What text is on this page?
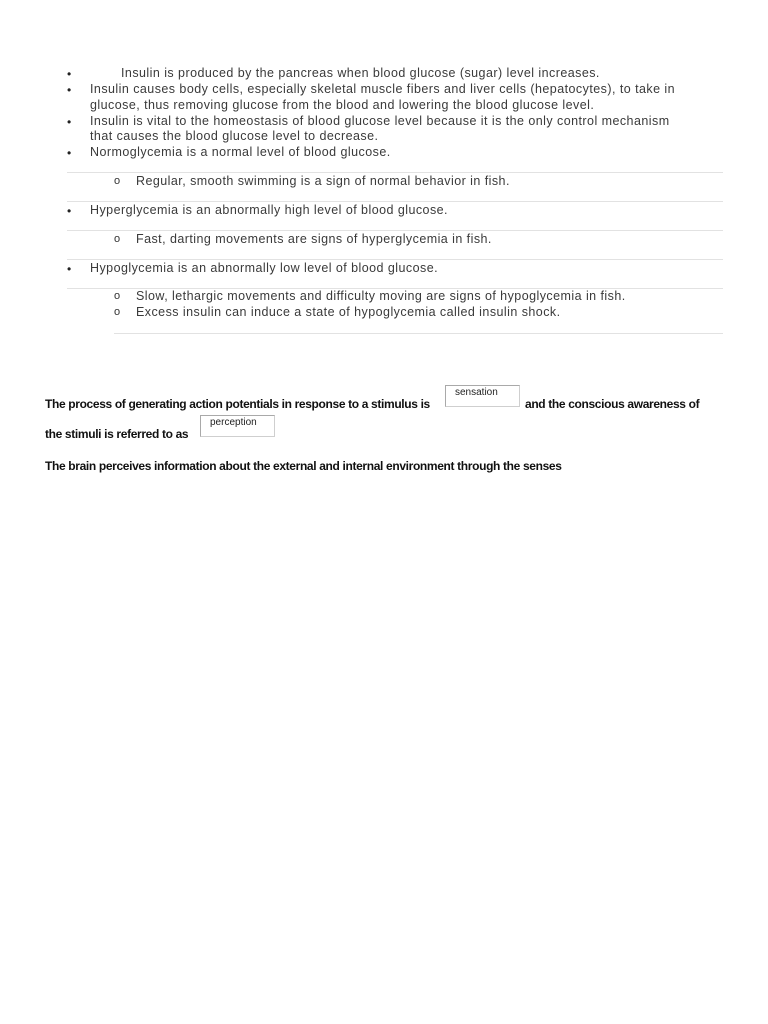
•	Insulin is produced by the pancreas when blood glucose (sugar) level increases.
• Insulin causes body cells, especially skeletal muscle fibers and liver cells (hepatocytes), to take in
glucose, thus removing glucose from the blood and lowering the blood glucose level.
• Insulin is vital to the homeostasis of blood glucose level because it is the only control mechanism
that causes the blood glucose level to decrease.
• Normoglycemia is a normal level of blood glucose.
o Regular, smooth swimming is a sign of normal behavior in fish.
• Hyperglycemia is an abnormally high level of blood glucose.
o Fast, darting movements are signs of hyperglycemia in fish.
• Hypoglycemia is an abnormally low level of blood glucose.
o Slow, lethargic movements and difficulty moving are signs of hypoglycemia in fish.
o Excess insulin can induce a state of hypoglycemia called insulin shock.
The process of generating action potentials in response to a stimulus is
sensation
and the conscious awareness of
the stimuli is referred to as
perception
The brain perceives information about the external and internal environment through the senses
